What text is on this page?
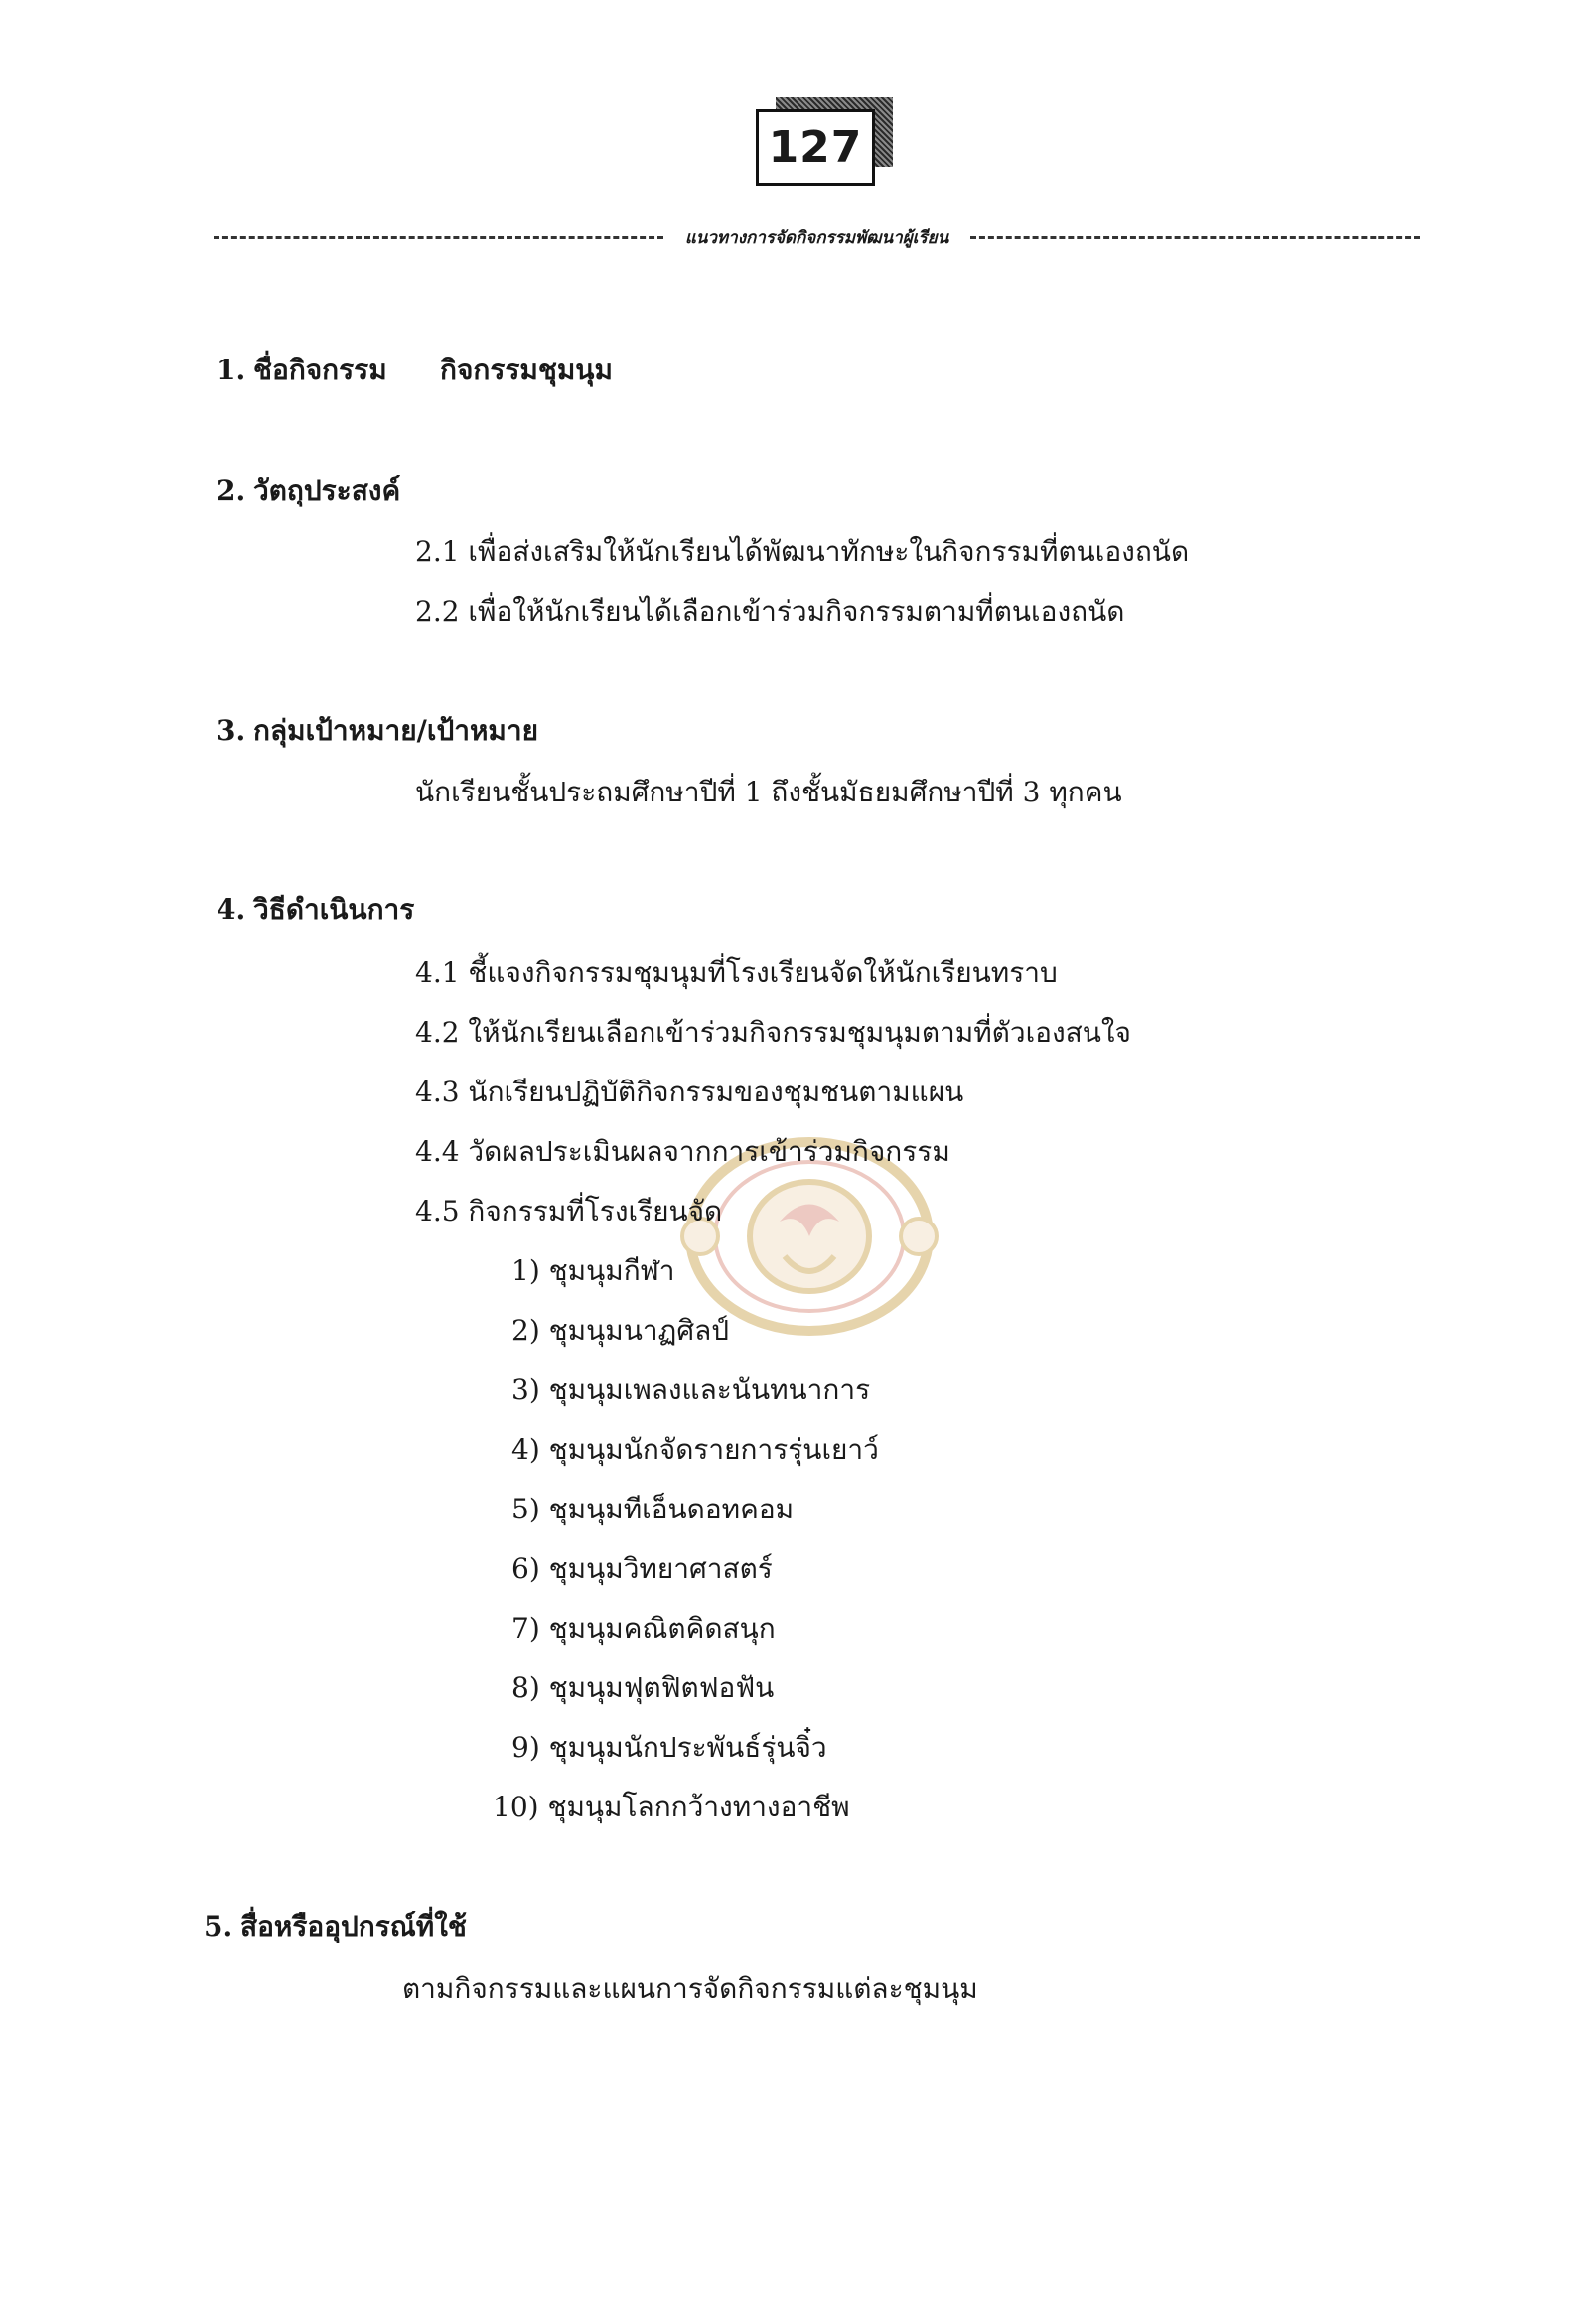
127
แนวทางการจัดกิจกรรมพัฒนาผู้เรียน
1. ชื่อกิจกรรม กิจกรรมชุมนุม
2. วัตถุประสงค์
2.1 เพื่อส่งเสริมให้นักเรียนได้พัฒนาทักษะในกิจกรรมที่ตนเองถนัด
2.2 เพื่อให้นักเรียนได้เลือกเข้าร่วมกิจกรรมตามที่ตนเองถนัด
3. กลุ่มเป้าหมาย/เป้าหมาย
นักเรียนชั้นประถมศึกษาปีที่ 1 ถึงชั้นมัธยมศึกษาปีที่ 3 ทุกคน
4. วิธีดำเนินการ
4.1 ชี้แจงกิจกรรมชุมนุมที่โรงเรียนจัดให้นักเรียนทราบ
4.2 ให้นักเรียนเลือกเข้าร่วมกิจกรรมชุมนุมตามที่ตัวเองสนใจ
4.3 นักเรียนปฏิบัติกิจกรรมของชุมชนตามแผน
4.4 วัดผลประเมินผลจากการเข้าร่วมกิจกรรม
4.5 กิจกรรมที่โรงเรียนจัด
1) ชุมนุมกีฬา
2) ชุมนุมนาฏศิลป์
3) ชุมนุมเพลงและนันทนาการ
4) ชุมนุมนักจัดรายการรุ่นเยาว์
5) ชุมนุมทีเอ็นดอทคอม
6) ชุมนุมวิทยาศาสตร์
7) ชุมนุมคณิตคิดสนุก
8) ชุมนุมฟุตฟิตฟอฟัน
9) ชุมนุมนักประพันธ์รุ่นจิ๋ว
10) ชุมนุมโลกกว้างทางอาชีพ
5. สื่อหรืออุปกรณ์ที่ใช้
ตามกิจกรรมและแผนการจัดกิจกรรมแต่ละชุมนุม
